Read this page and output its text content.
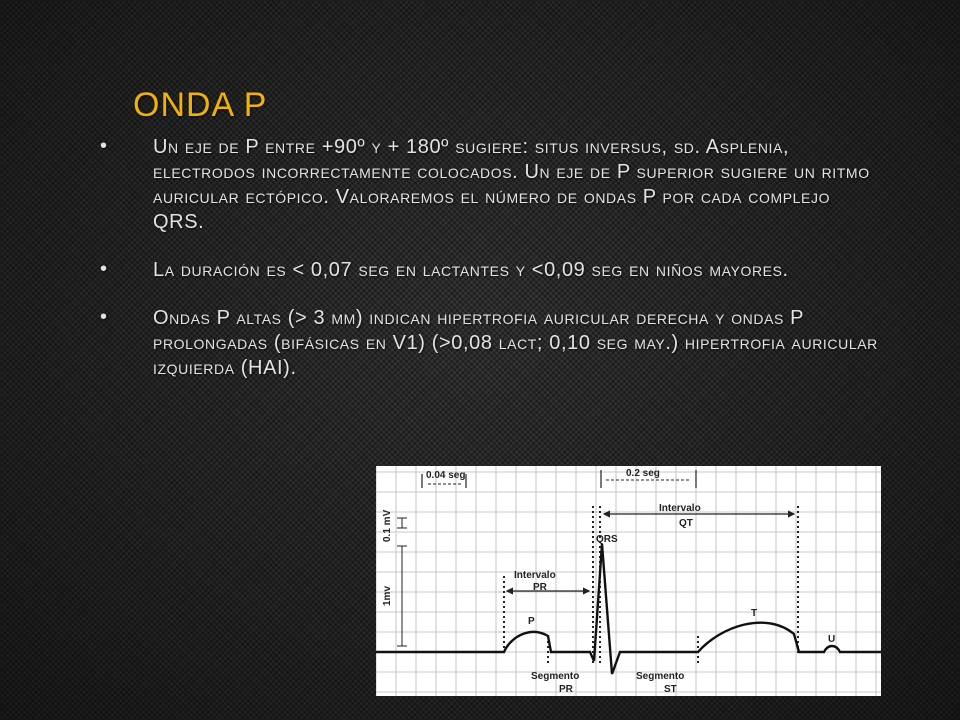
ONDA P
• Un eje de P entre +90º y + 180º sugiere: situs inversus, sd. Asplenia, electrodos incorrectamente colocados. Un eje de P superior sugiere un ritmo auricular ectópico. Valoraremos el número de ondas P por cada complejo QRS.
• La duración es < 0,07 seg en lactantes y <0,09 seg en niños mayores.
• Ondas P altas (> 3 mm) indican hipertrofia auricular derecha y ondas P prolongadas (bifásicas en V1) (>0,08 lact; 0,10 seg may.) hipertrofia auricular izquierda (HAI).
0.04 seg	0.2 seg
0.1 mV
1mv
Intervalo
QT
Intervalo
PR
QRS
P
T
U
Segmento
PR
Segmento
ST
